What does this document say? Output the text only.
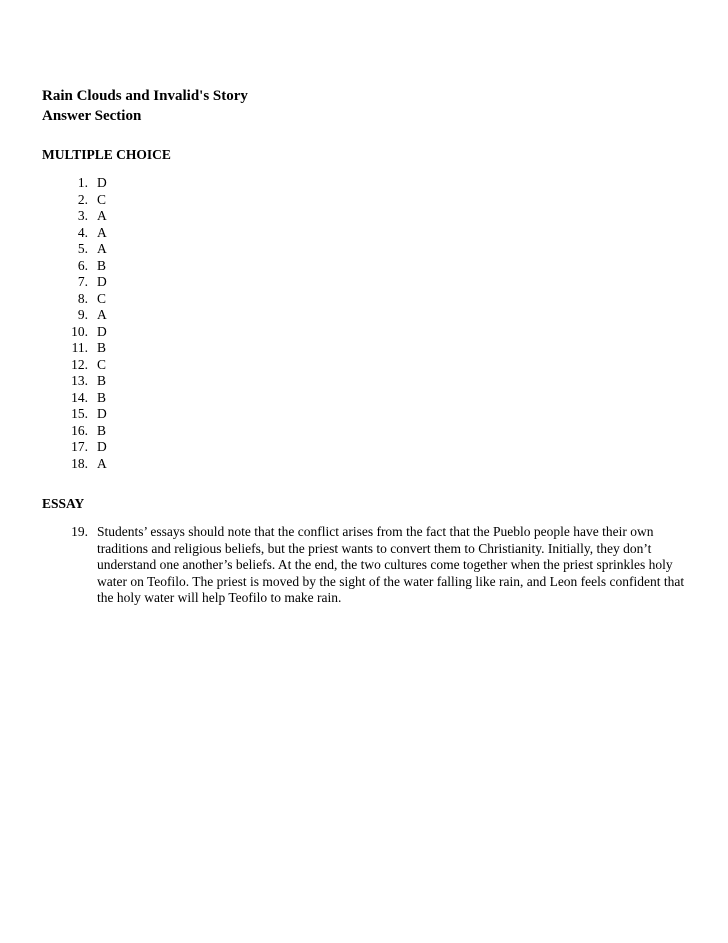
Rain Clouds and Invalid's Story
Answer Section
MULTIPLE CHOICE
1. D
2. C
3. A
4. A
5. A
6. B
7. D
8. C
9. A
10. D
11. B
12. C
13. B
14. B
15. D
16. B
17. D
18. A
ESSAY
19. Students’ essays should note that the conflict arises from the fact that the Pueblo people have their own traditions and religious beliefs, but the priest wants to convert them to Christianity. Initially, they don’t understand one another’s beliefs. At the end, the two cultures come together when the priest sprinkles holy water on Teofilo. The priest is moved by the sight of the water falling like rain, and Leon feels confident that the holy water will help Teofilo to make rain.
